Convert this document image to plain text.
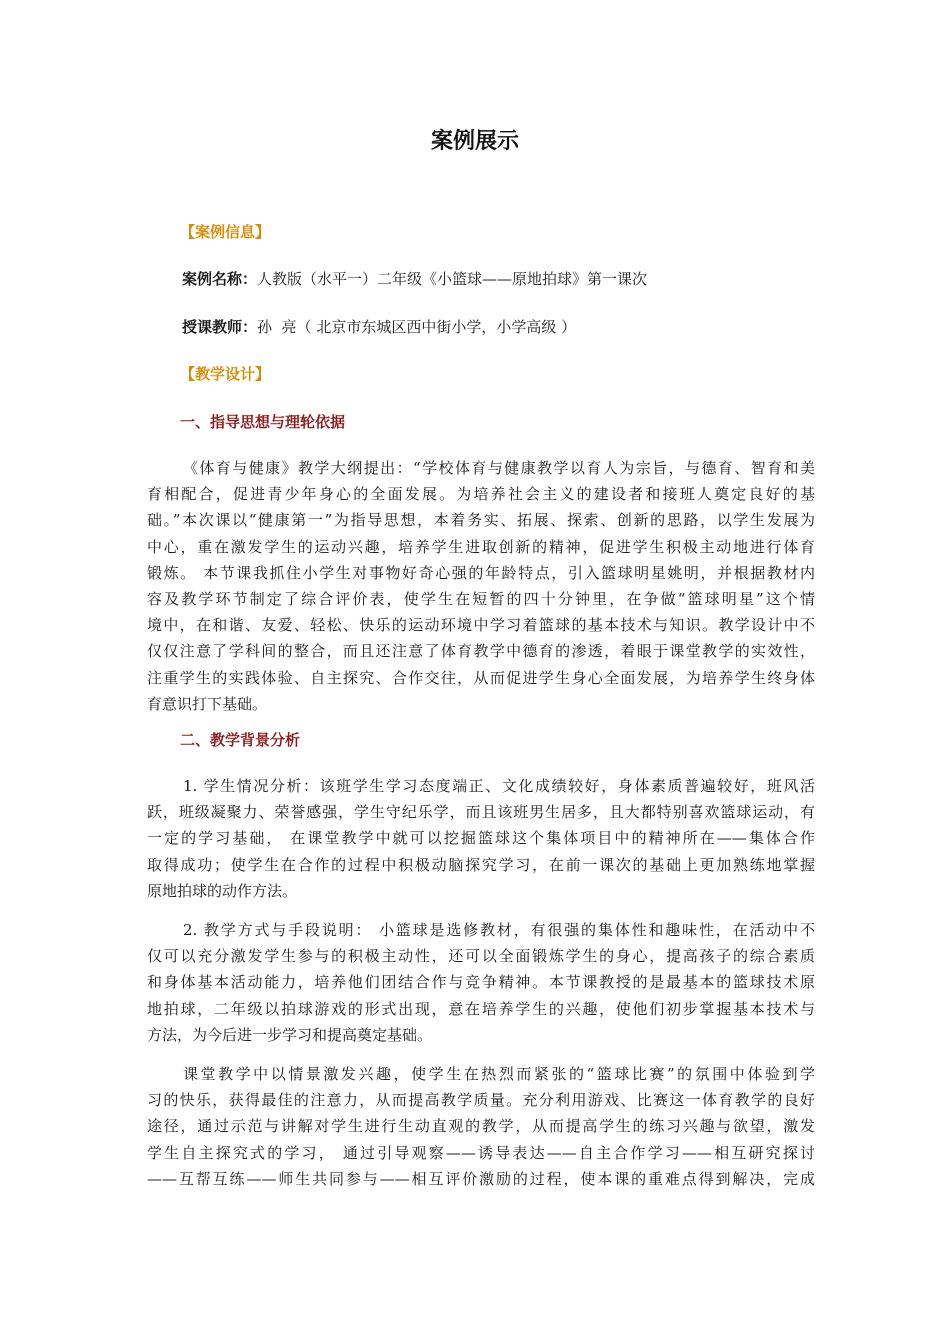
案例展示
【案例信息】
案例名称：人教版（水平一）二年级《小篮球——原地拍球》第一课次
授课教师：孙  亮（ 北京市东城区西中街小学，小学高级 ）
【教学设计】
一、指导思想与理轮依据
《体育与健康》教学大纲提出：“学校体育与健康教学以育人为宗旨，与德育、智育和美
育相配合，促进青少年身心的全面发展。为培养社会主义的建设者和接班人奠定良好的基
础。”本次课以“健康第一”为指导思想，本着务实、拓展、探索、创新的思路，以学生发展为
中心，重在激发学生的运动兴趣，培养学生进取创新的精神，促进学生积极主动地进行体育
锻炼。 本节课我抓住小学生对事物好奇心强的年龄特点，引入篮球明星姚明，并根据教材内
容及教学环节制定了综合评价表，使学生在短暂的四十分钟里，在争做“篮球明星”这个情
境中，在和谐、友爱、轻松、快乐的运动环境中学习着篮球的基本技术与知识。教学设计中不
仅仅注意了学科间的整合，而且还注意了体育教学中德育的渗透，着眼于课堂教学的实效性，
注重学生的实践体验、自主探究、合作交往，从而促进学生身心全面发展，为培养学生终身体
育意识打下基础。
二、教学背景分析
1. 学生情况分析：该班学生学习态度端正、文化成绩较好，身体素质普遍较好，班风活
跃，班级凝聚力、荣誉感强，学生守纪乐学，而且该班男生居多，且大都特别喜欢篮球运动，有
一定的学习基础， 在课堂教学中就可以挖掘篮球这个集体项目中的精神所在——集体合作
取得成功；使学生在合作的过程中积极动脑探究学习，在前一课次的基础上更加熟练地掌握
原地拍球的动作方法。
2. 教学方式与手段说明： 小篮球是选修教材，有很强的集体性和趣味性，在活动中不
仅可以充分激发学生参与的积极主动性，还可以全面锻炼学生的身心，提高孩子的综合素质
和身体基本活动能力，培养他们团结合作与竞争精神。本节课教授的是最基本的篮球技术原
地拍球，二年级以拍球游戏的形式出现，意在培养学生的兴趣，使他们初步掌握基本技术与
方法，为今后进一步学习和提高奠定基础。
课堂教学中以情景激发兴趣，使学生在热烈而紧张的“篮球比赛”的氛围中体验到学
习的快乐，获得最佳的注意力，从而提高教学质量。充分利用游戏、比赛这一体育教学的良好
途径，通过示范与讲解对学生进行生动直观的教学，从而提高学生的练习兴趣与欲望，激发
学生自主探究式的学习， 通过引导观察——诱导表达——自主合作学习——相互研究探讨
——互帮互练——师生共同参与——相互评价激励的过程，使本课的重难点得到解决，完成
